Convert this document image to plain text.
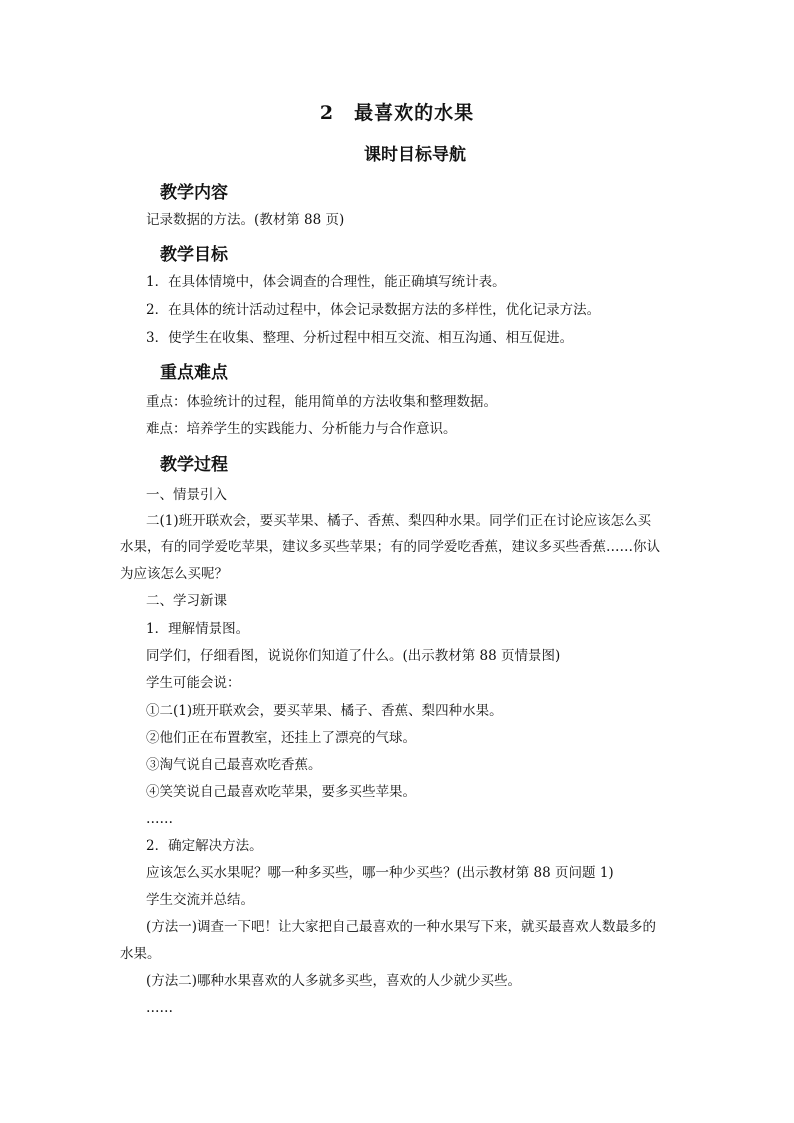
2　最喜欢的水果
课时目标导航
教学内容
记录数据的方法。(教材第 88 页)
教学目标
1．在具体情境中，体会调查的合理性，能正确填写统计表。
2．在具体的统计活动过程中，体会记录数据方法的多样性，优化记录方法。
3．使学生在收集、整理、分析过程中相互交流、相互沟通、相互促进。
重点难点
重点：体验统计的过程，能用简单的方法收集和整理数据。
难点：培养学生的实践能力、分析能力与合作意识。
教学过程
一、情景引入
二(1)班开联欢会，要买苹果、橘子、香蕉、梨四种水果。同学们正在讨论应该怎么买
水果，有的同学爱吃苹果，建议多买些苹果；有的同学爱吃香蕉，建议多买些香蕉……你认
为应该怎么买呢？
二、学习新课
1．理解情景图。
同学们，仔细看图，说说你们知道了什么。(出示教材第 88 页情景图)
学生可能会说：
①二(1)班开联欢会，要买苹果、橘子、香蕉、梨四种水果。
②他们正在布置教室，还挂上了漂亮的气球。
③淘气说自己最喜欢吃香蕉。
④笑笑说自己最喜欢吃苹果，要多买些苹果。
……
2．确定解决方法。
应该怎么买水果呢？哪一种多买些，哪一种少买些？(出示教材第 88 页问题 1)
学生交流并总结。
(方法一)调查一下吧！让大家把自己最喜欢的一种水果写下来，就买最喜欢人数最多的
水果。
(方法二)哪种水果喜欢的人多就多买些，喜欢的人少就少买些。
……
